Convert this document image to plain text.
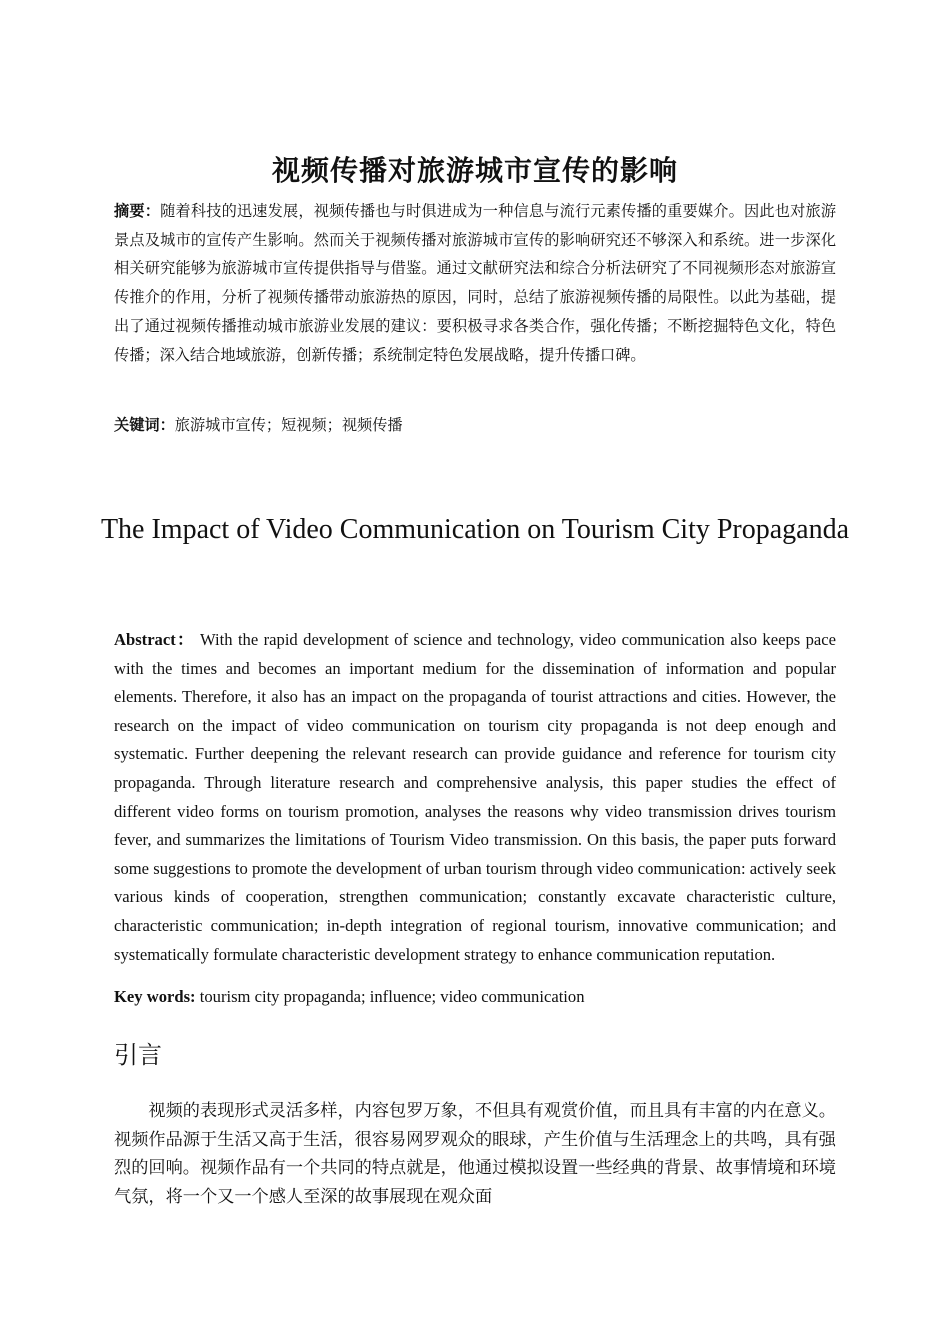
视频传播对旅游城市宣传的影响

摘要：随着科技的迅速发展，视频传播也与时俱进成为一种信息与流行元素传播的重要媒介。因此也对旅游景点及城市的宣传产生影响。然而关于视频传播对旅游城市宣传的影响研究还不够深入和系统。进一步深化相关研究能够为旅游城市宣传提供指导与借鉴。通过文献研究法和综合分析法研究了不同视频形态对旅游宣传推介的作用，分析了视频传播带动旅游热的原因，同时，总结了旅游视频传播的局限性。以此为基础，提出了通过视频传播推动城市旅游业发展的建议：要积极寻求各类合作，强化传播；不断挖掘特色文化，特色传播；深入结合地域旅游，创新传播；系统制定特色发展战略，提升传播口碑。

关键词：旅游城市宣传；短视频；视频传播

The Impact of Video Communication on Tourism City Propaganda

Abstract： With the rapid development of science and technology, video communication also keeps pace with the times and becomes an important medium for the dissemination of information and popular elements. Therefore, it also has an impact on the propaganda of tourist attractions and cities. However, the research on the impact of video communication on tourism city propaganda is not deep enough and systematic. Further deepening the relevant research can provide guidance and reference for tourism city propaganda. Through literature research and comprehensive analysis, this paper studies the effect of different video forms on tourism promotion, analyses the reasons why video transmission drives tourism fever, and summarizes the limitations of Tourism Video transmission. On this basis, the paper puts forward some suggestions to promote the development of urban tourism through video communication: actively seek various kinds of cooperation, strengthen communication; constantly excavate characteristic culture, characteristic communication; in-depth integration of regional tourism, innovative communication; and systematically formulate characteristic development strategy to enhance communication reputation.

Key words: tourism city propaganda; influence; video communication

引言

视频的表现形式灵活多样，内容包罗万象，不但具有观赏价值，而且具有丰富的内在意义。视频作品源于生活又高于生活，很容易网罗观众的眼球，产生价值与生活理念上的共鸣，具有强烈的回响。视频作品有一个共同的特点就是，他通过模拟设置一些经典的背景、故事情境和环境气氛，将一个又一个感人至深的故事展现在观众面
